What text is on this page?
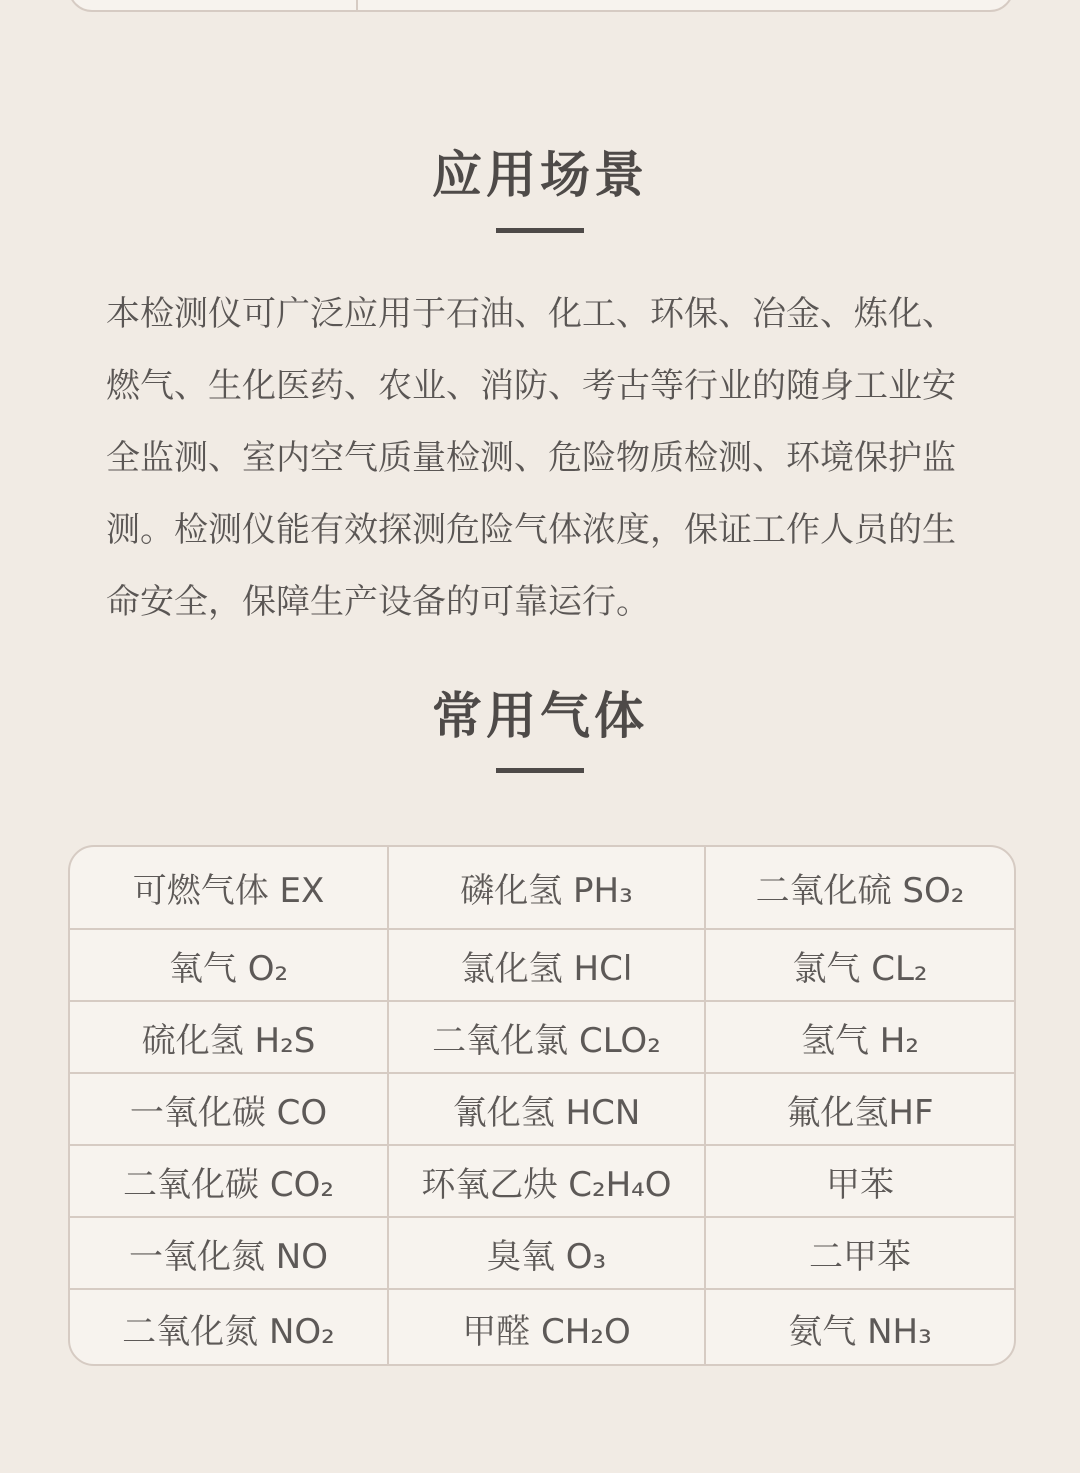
应用场景

本检测仪可广泛应用于石油、化工、环保、冶金、炼化、燃气、生化医药、农业、消防、考古等行业的随身工业安全监测、室内空气质量检测、危险物质检测、环境保护监测。检测仪能有效探测危险气体浓度，保证工作人员的生命安全，保障生产设备的可靠运行。

常用气体
可燃气体 EX	磷化氢 PH₃	二氧化硫 SO₂
氧气 O₂	氯化氢 HCl	氯气 CL₂
硫化氢 H₂S	二氧化氯 CLO₂	氢气 H₂
一氧化碳 CO	氰化氢 HCN	氟化氢HF
二氧化碳 CO₂	环氧乙炔 C₂H₄O	甲苯
一氧化氮 NO	臭氧 O₃	二甲苯
二氧化氮 NO₂	甲醛 CH₂O	氨气 NH₃
